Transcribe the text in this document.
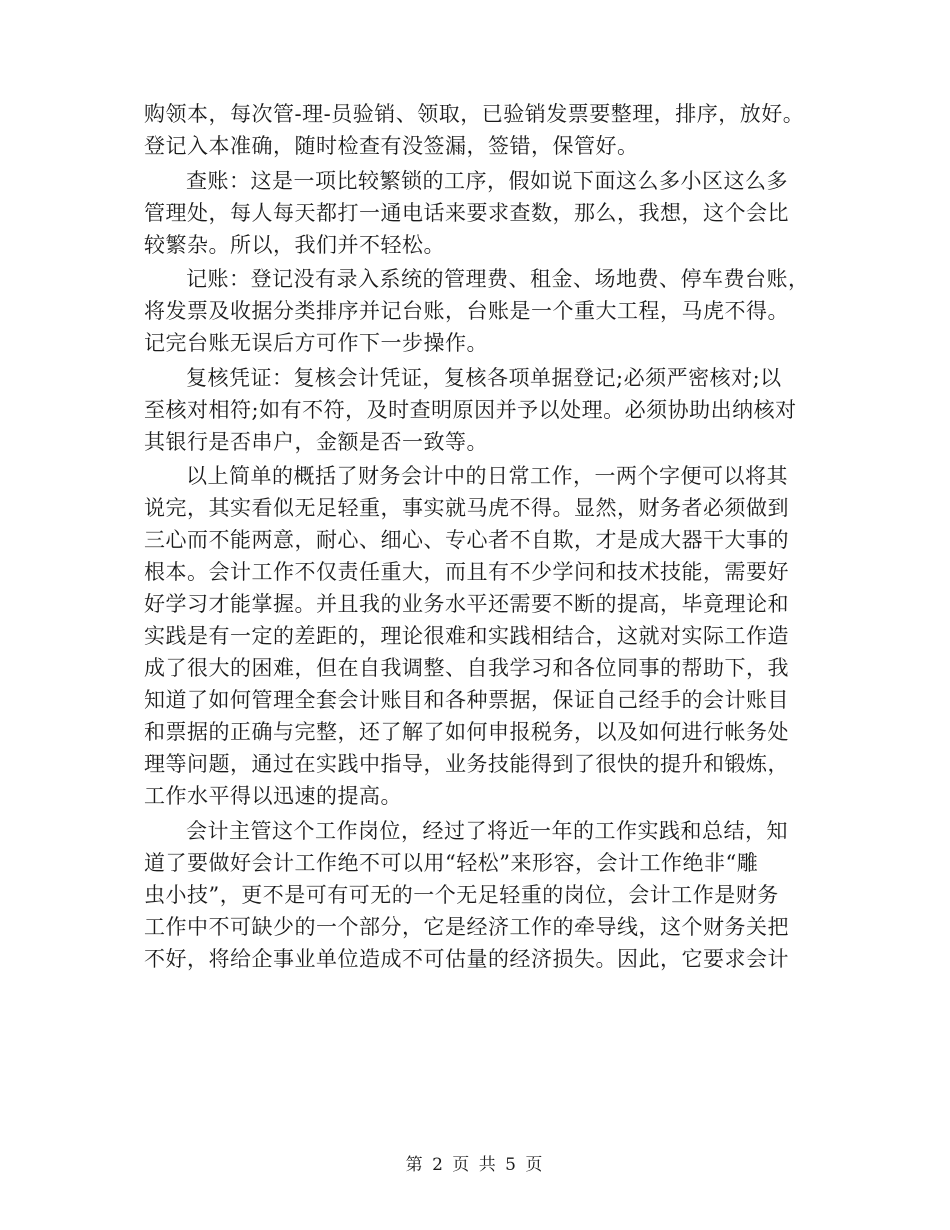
购领本，每次管-理-员验销、领取，已验销发票要整理，排序，放好。
登记入本准确，随时检查有没签漏，签错，保管好。
查账：这是一项比较繁锁的工序，假如说下面这么多小区这么多
管理处，每人每天都打一通电话来要求查数，那么，我想，这个会比
较繁杂。所以，我们并不轻松。
记账：登记没有录入系统的管理费、租金、场地费、停车费台账，
将发票及收据分类排序并记台账，台账是一个重大工程，马虎不得。
记完台账无误后方可作下一步操作。
复核凭证：复核会计凭证，复核各项单据登记;必须严密核对;以
至核对相符;如有不符，及时查明原因并予以处理。必须协助出纳核对
其银行是否串户，金额是否一致等。
以上简单的概括了财务会计中的日常工作，一两个字便可以将其
说完，其实看似无足轻重，事实就马虎不得。显然，财务者必须做到
三心而不能两意，耐心、细心、专心者不自欺，才是成大器干大事的
根本。会计工作不仅责任重大，而且有不少学问和技术技能，需要好
好学习才能掌握。并且我的业务水平还需要不断的提高，毕竟理论和
实践是有一定的差距的，理论很难和实践相结合，这就对实际工作造
成了很大的困难，但在自我调整、自我学习和各位同事的帮助下，我
知道了如何管理全套会计账目和各种票据，保证自己经手的会计账目
和票据的正确与完整，还了解了如何申报税务，以及如何进行帐务处
理等问题，通过在实践中指导，业务技能得到了很快的提升和锻炼，
工作水平得以迅速的提高。
会计主管这个工作岗位，经过了将近一年的工作实践和总结，知
道了要做好会计工作绝不可以用“轻松”来形容，会计工作绝非“雕
虫小技”，更不是可有可无的一个无足轻重的岗位，会计工作是财务
工作中不可缺少的一个部分，它是经济工作的牵导线，这个财务关把
不好，将给企事业单位造成不可估量的经济损失。因此，它要求会计
第 2 页 共 5 页
